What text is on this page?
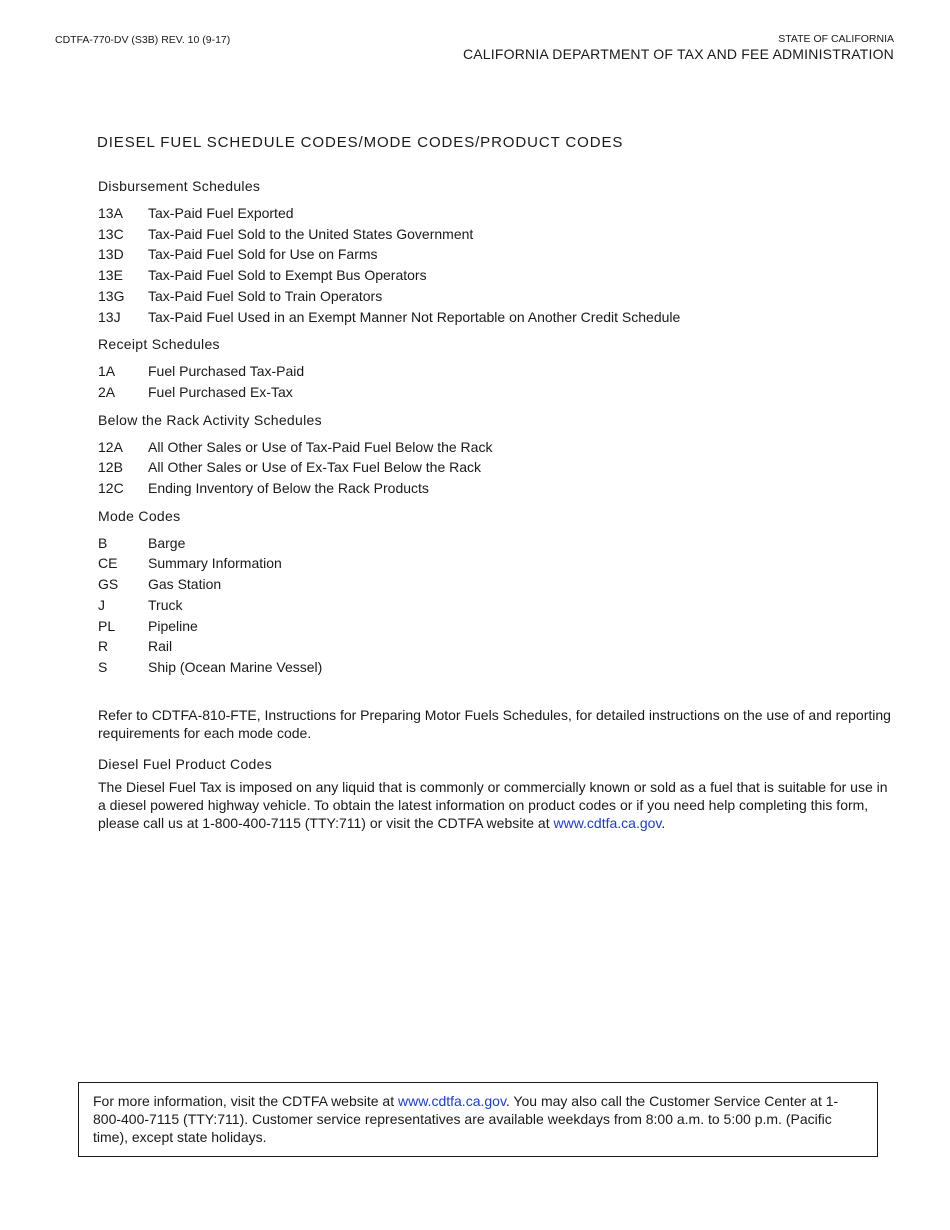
CDTFA-770-DV (S3B) REV. 10 (9-17)	STATE OF CALIFORNIA
CALIFORNIA DEPARTMENT OF TAX AND FEE ADMINISTRATION
DIESEL FUEL SCHEDULE CODES/MODE CODES/PRODUCT CODES
Disbursement Schedules
13A	Tax-Paid Fuel Exported
13C	Tax-Paid Fuel Sold to the United States Government
13D	Tax-Paid Fuel Sold for Use on Farms
13E	Tax-Paid Fuel Sold to Exempt Bus Operators
13G	Tax-Paid Fuel Sold to Train Operators
13J	Tax-Paid Fuel Used in an Exempt Manner Not Reportable on Another Credit Schedule
Receipt Schedules
1A	Fuel Purchased Tax-Paid
2A	Fuel Purchased Ex-Tax
Below the Rack Activity Schedules
12A	All Other Sales or Use of Tax-Paid Fuel Below the Rack
12B	All Other Sales or Use of Ex-Tax Fuel Below the Rack
12C	Ending Inventory of Below the Rack Products
Mode Codes
B	Barge
CE	Summary Information
GS	Gas Station
J	Truck
PL	Pipeline
R	Rail
S	Ship (Ocean Marine Vessel)

Refer to CDTFA-810-FTE, Instructions for Preparing Motor Fuels Schedules, for detailed instructions on the use of and reporting requirements for each mode code.

Diesel Fuel Product Codes

The Diesel Fuel Tax is imposed on any liquid that is commonly or commercially known or sold as a fuel that is suitable for use in a diesel powered highway vehicle. To obtain the latest information on product codes or if you need help completing this form, please call us at 1-800-400-7115 (TTY:711) or visit the CDTFA website at www.cdtfa.ca.gov.

For more information, visit the CDTFA website at www.cdtfa.ca.gov. You may also call the Customer Service Center at 1-800-400-7115 (TTY:711). Customer service representatives are available weekdays from 8:00 a.m. to 5:00 p.m. (Pacific time), except state holidays.
